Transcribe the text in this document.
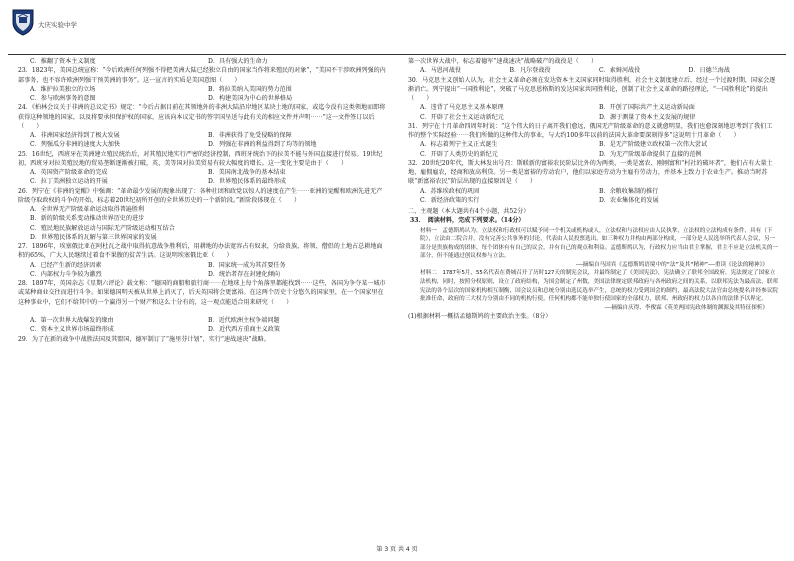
大庆实验中学
C．推翻了资本主义制度	D．具有强大的生命力

23．1823年，美国总统宣称：“今后欧洲任何列强不得把美洲大陆已经独立自由的国家当作将来殖民的对象”，“美国不干涉欧洲列强的内部事务，也不容许欧洲列强干预美洲的事务”。这一宣言的实质是美国意图（　　）

A．维护拉美独立的立场	B．将拉美纳入美国的势力范围
C．参与欧洲事务的意图	D．构建美国为中心的世界格局

24．《柏林会议关于非洲的总议定书》规定：“今后占据目前在其领地外的非洲大陆沿岸地区某块土地的国家，或迄今没有这类领地而即将获得这种领地的国家，以及将要承担保护权的国家，应该向本议定书的签字国呈送与此有关的相应文件并声明⋯⋯”这一文件签订以后（　　）

A．非洲国家经济得到了极大发展	B．非洲获得了免受侵略的保障
C．列强瓜分非洲的速度大大加快	D．列强在非洲的利益得到了均等的领地

25．16世纪，西班牙在美洲建立殖民统治后，对其殖民地实行严密的经济控制，西班牙统治下的拉美不能与外国直接进行贸易。19世纪初，西班牙对拉美殖民地的贸易垄断逐渐被打破，英、美等国对拉美贸易有较大幅度的增长。这一变化主要是由于（　　）

A．英国资产阶级革命的完成	B．美国南北战争的基本结束
C．拉丁美洲独立运动的开展	D．世界殖民体系的最终形成

26．列宁在《非洲的觉醒》中强调：“革命最少发展的现象出现了：各种社团和政党以惊人的速度在产生⋯⋯亚洲的觉醒和欧洲先进无产阶级夺取政权的斗争的开始，标志着20世纪初所开创的全世界历史的一个新阶段。”新阶段体现在（　　）

A．全世界无产阶级革命运动取得普遍胜利
B．新的阶级关系变动推动世界历史的进步
C．殖民地民族解放运动与国际无产阶级运动相互结合
D．世界殖民体系的瓦解与第三世界国家的发展

27．1896年，埃塞俄比亚在阿杜瓦之战中取得抗意战争胜利后，用耕地的办法宽容占有奴隶，分给贵族、将领、僧侣的土地占总耕地面积的65%，广大人民继续过着食不果腹的贫苦生活。这说明埃塞俄比亚（　　）

A．已经产生新的经济因素	B．国家统一成为其首要任务
C．内部权力斗争较为激烈	D．统治者存在封建化倾向

28．1897年，英国杂志《星期六评论》载文称：“德国的商船和旅行商⋯⋯在地球上每个角落里都能找到⋯⋯这些，各国为争夺某一城市或某种商业交往而进行斗争。如果德国明天被从世界上消灭了，后天英国将会更富裕。在这两个历史十分悠久的国家里，在一个国家里在这种事业中，它们不给其中的一个赢得另一个财产和这么十分有的，这一观点能适合用来研究（　　）

A．第一次世界大战爆发的缘由	B．近代欧洲主权争端问题
C．资本主义世界市场最终形成	D．近代西方重商主义政策

29．为了在新的战争中战胜法国及其盟国，德军制订了“施里芬计划”，实行“速战速决”战略。

第一次世界大战中，标志着德军“速战速决”战略破产的战役是（　　）

A．马恩河战役	B．凡尔登战役	C．索姆河战役	D．日德兰海战

30．马克思主义创始人认为，社会主义革命必须在发达资本主义国家同时取得胜利，社会主义制度建立后，经过一个过渡时期，国家会逐渐消亡。列宁提出“一国胜利论”，突破了马克思恩格斯的发达国家共同胜利论，创制了社会主义革命的路径理论，“一国胜利论”的提出（　　）

A．违背了马克思主义基本原理	B．开创了国际共产主义运动新局面
C．开辟了社会主义运动新纪元	D．源于测量了资本主义发展的规律

31．列宁在十月革命四周年时说：“这个伟大的日子离开我们愈远，俄国无产阶级革命的意义就愈明显，我们也愈深刻地思考到了我们工作的整个实际经验⋯⋯我们所做的这种伟大的事业，与大约100多年以前的法国大革命要深刻得多”这说明十月革命（　　）

A．标志着列宁主义正式诞生	B．是无产阶级建立政权第一次伟大尝试
C．开辟了人类历史的新纪元	D．为无产阶级革命提供了直接的范例

32．20世纪20年代，斯大林发出号召：斯联新的富裕农民阶层比外的为两类，一类是富农、刚刚富和“村社的破坏者”，他们占有大量土地，雇佣雇农，经商和放高利贷。另一类是富裕的劳动农户，他们以家庭劳动为主雇有劳动力，并基本上致力于农业生产。推动当时苏联“新富裕农民”阶层出现的直接原因是（　　）

A．苏维埃政权的巩固	B．余粮收集制的推行
C．新经济政策的实行	D．农业集体化的发展

二、主观题（本大题共有4个小题，共52分）

33．　阅读材料，完成下列要求。（14分）

材料一　孟德斯鸠认为，立法权和行政权可以赋予同一个机关或机构或人，立法权和与法权应由人民执掌，立法权的立法构成有条件，具有（下院），立法由二院合并，没有完善公共事务的讨论，代表由人民投票选出。如三种权力并构由两部分构成，一部分是人民选举所代表人会议，另一部分是贵族构成的团体，每个团体有有自己的议会，并有自己的观点和利益。孟德斯鸠认为，行政权力应当由君主掌握，君主不应是立法机关的一部分，但不能通过创议权参与立法。

——摘编自马国宾《孟德斯鸠语境中的“法”及其“精神”——重读《论法的精神》》

材料二　1787年5月，55名代表在费城召开了历时127天的制宪会议，并最终制定了《美国宪法》，宪法确立了联邦全国政府。宪法规定了国家立法机构，同时，按照分权原则，设立了政府结构，为国会制定了州数，美国法律规定联邦政府与各州政府之间的关系，以联邦宪法为最高法，联邦宪法的各个层次的国家机构相互制衡，国会议员和总统分别由选民选举产生，总统的权力受到国会的制约，最高法院大法官由总统提名并经参议院批准任命，政府的三大权力分别由不同的机构行使，任何机构都不能单独行使国家的全部权力，联邦、州政府的权力以各自的法律予以界定。

——摘编自庆得、李俊霖《英美两国宪政体制的渊源及其特征探析》

(1)根据材料一概括孟德斯鸠的主要政治主张。（8分）

第 3 页 共 4 页
